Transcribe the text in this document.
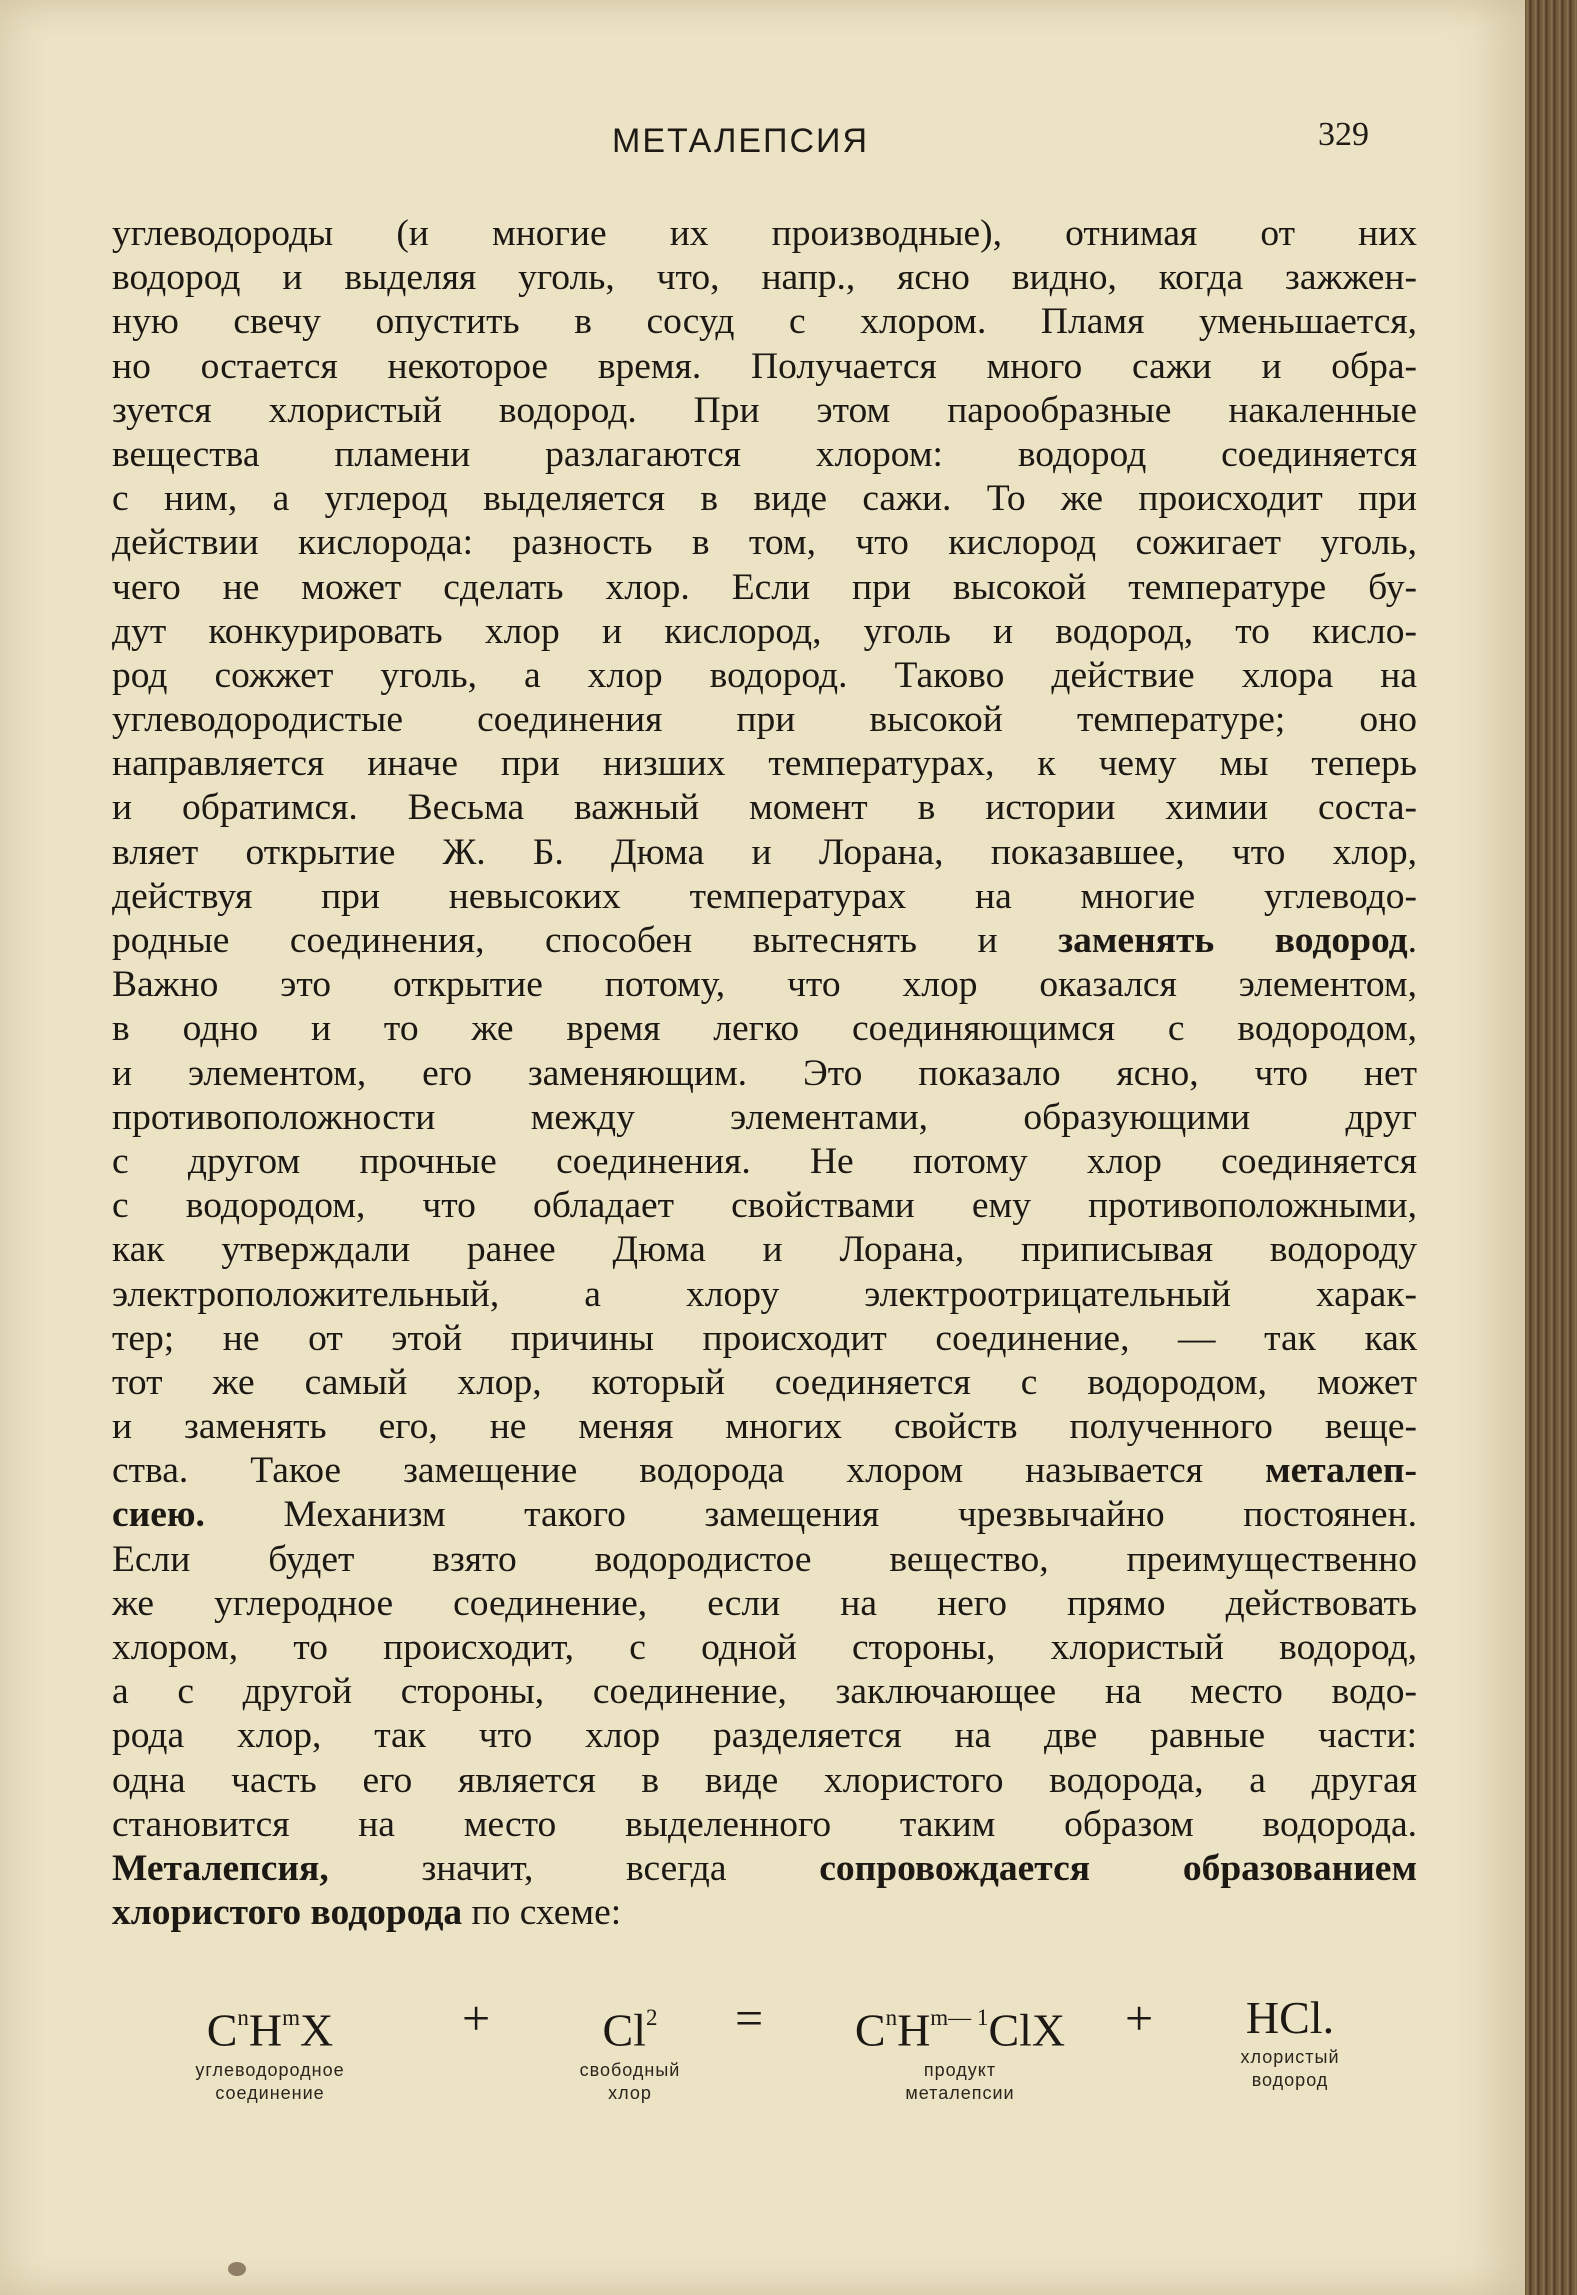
МЕТАЛЕПСИЯ	329
углеводороды (и многие их производные), отнимая от них
водород и выделяя уголь, что, напр., ясно видно, когда зажжен-
ную свечу опустить в сосуд с хлором. Пламя уменьшается,
но остается некоторое время. Получается много сажи и обра-
зуется хлористый водород. При этом парообразные накаленные
вещества пламени разлагаются хлором: водород соединяется
с ним, а углерод выделяется в виде сажи. То же происходит при
действии кислорода: разность в том, что кислород сожигает уголь,
чего не может сделать хлор. Если при высокой температуре бу-
дут конкурировать хлор и кислород, уголь и водород, то кисло-
род сожжет уголь, а хлор водород. Таково действие хлора на
углеводородистые соединения при высокой температуре; оно
направляется иначе при низших температурах, к чему мы теперь
и обратимся. Весьма важный момент в истории химии соста-
вляет открытие Ж. Б. Дюма и Лорана, показавшее, что хлор,
действуя при невысоких температурах на многие углеводо-
родные соединения, способен вытеснять и заменять водород.
Важно это открытие потому, что хлор оказался элементом,
в одно и то же время легко соединяющимся с водородом,
и элементом, его заменяющим. Это показало ясно, что нет
противоположности между элементами, образующими друг
с другом прочные соединения. Не потому хлор соединяется
с водородом, что обладает свойствами ему противоположными,
как утверждали ранее Дюма и Лорана, приписывая водороду
электроположительный, а хлору электроотрицательный харак-
тер; не от этой причины происходит соединение, — так как
тот же самый хлор, который соединяется с водородом, может
и заменять его, не меняя многих свойств полученного веще-
ства. Такое замещение водорода хлором называется металеп-
сиею. Механизм такого замещения чрезвычайно постоянен.
Если будет взято водородистое вещество, преимущественно
же углеродное соединение, если на него прямо действовать
хлором, то происходит, с одной стороны, хлористый водород,
а с другой стороны, соединение, заключающее на место водо-
рода хлор, так что хлор разделяется на две равные части:
одна часть его является в виде хлористого водорода, а другая
становится на место выделенного таким образом водорода.
Металепсия, значит, всегда сопровождается образованием
хлористого водорода по схеме:
$C^nH^mX$
углеводородное
соединение
+	$Cl^2$
свободный
хлор
=	$C^nH^{m— 1}ClX$
продукт
металепсии
+	HCl.
хлористый
водород
